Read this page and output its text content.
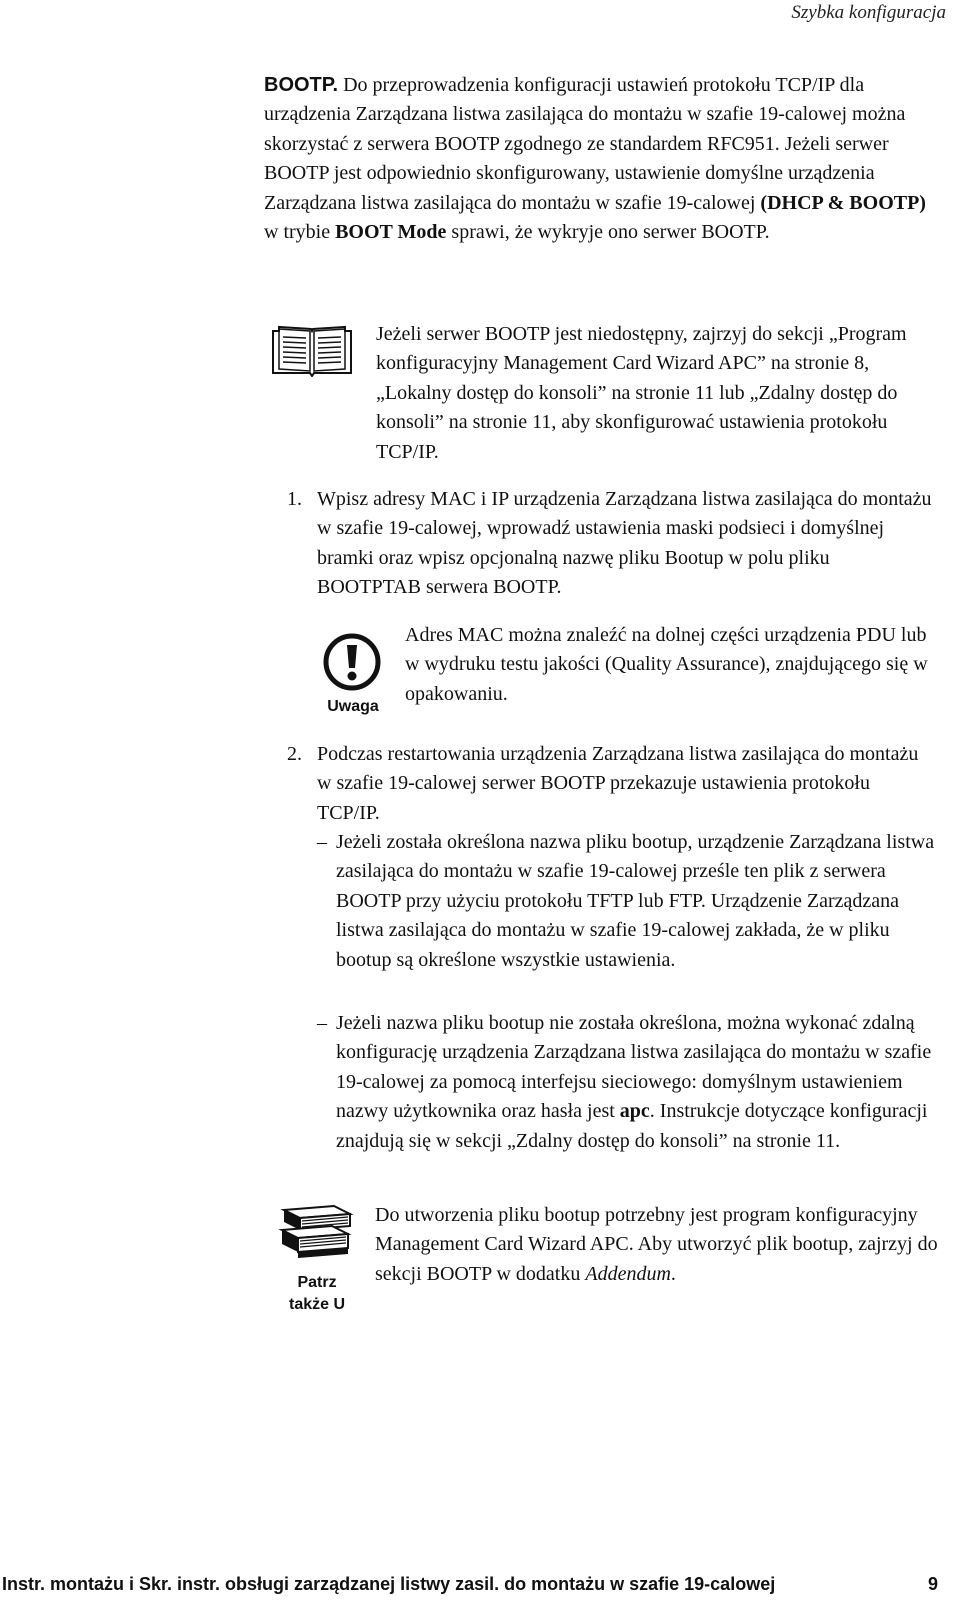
Szybka konfiguracja

BOOTP. Do przeprowadzenia konfiguracji ustawień protokołu TCP/IP dla urządzenia Zarządzana listwa zasilająca do montażu w szafie 19-calowej można skorzystać z serwera BOOTP zgodnego ze standardem RFC951. Jeżeli serwer BOOTP jest odpowiednio skonfigurowany, ustawienie domyślne urządzenia Zarządzana listwa zasilająca do montażu w szafie 19-calowej (DHCP & BOOTP) w trybie BOOT Mode sprawi, że wykryje ono serwer BOOTP.

Jeżeli serwer BOOTP jest niedostępny, zajrzyj do sekcji „Program konfiguracyjny Management Card Wizard APC” na stronie 8, „Lokalny dostęp do konsoli” na stronie 11 lub „Zdalny dostęp do konsoli” na stronie 11, aby skonfigurować ustawienia protokołu TCP/IP.
1. Wpisz adresy MAC i IP urządzenia Zarządzana listwa zasilająca do montażu w szafie 19-calowej, wprowadź ustawienia maski podsieci i domyślnej bramki oraz wpisz opcjonalną nazwę pliku Bootup w polu pliku BOOTPTAB serwera BOOTP.
Uwaga
Adres MAC można znaleźć na dolnej części urządzenia PDU lub w wydruku testu jakości (Quality Assurance), znajdującego się w opakowaniu.
2. Podczas restartowania urządzenia Zarządzana listwa zasilająca do montażu w szafie 19-calowej serwer BOOTP przekazuje ustawienia protokołu TCP/IP.
– Jeżeli została określona nazwa pliku bootup, urządzenie Zarządzana listwa zasilająca do montażu w szafie 19-calowej prześle ten plik z serwera BOOTP przy użyciu protokołu TFTP lub FTP. Urządzenie Zarządzana listwa zasilająca do montażu w szafie 19-calowej zakłada, że w pliku bootup są określone wszystkie ustawienia.
– Jeżeli nazwa pliku bootup nie została określona, można wykonać zdalną konfigurację urządzenia Zarządzana listwa zasilająca do montażu w szafie 19-calowej za pomocą interfejsu sieciowego: domyślnym ustawieniem nazwy użytkownika oraz hasła jest apc. Instrukcje dotyczące konfiguracji znajdują się w sekcji „Zdalny dostęp do konsoli” na stronie 11.
Patrz
także U
Do utworzenia pliku bootup potrzebny jest program konfiguracyjny Management Card Wizard APC. Aby utworzyć plik bootup, zajrzyj do sekcji BOOTP w dodatku Addendum.
Instr. montażu i Skr. instr. obsługi zarządzanej listwy zasil. do montażu w szafie 19-calowej	9
